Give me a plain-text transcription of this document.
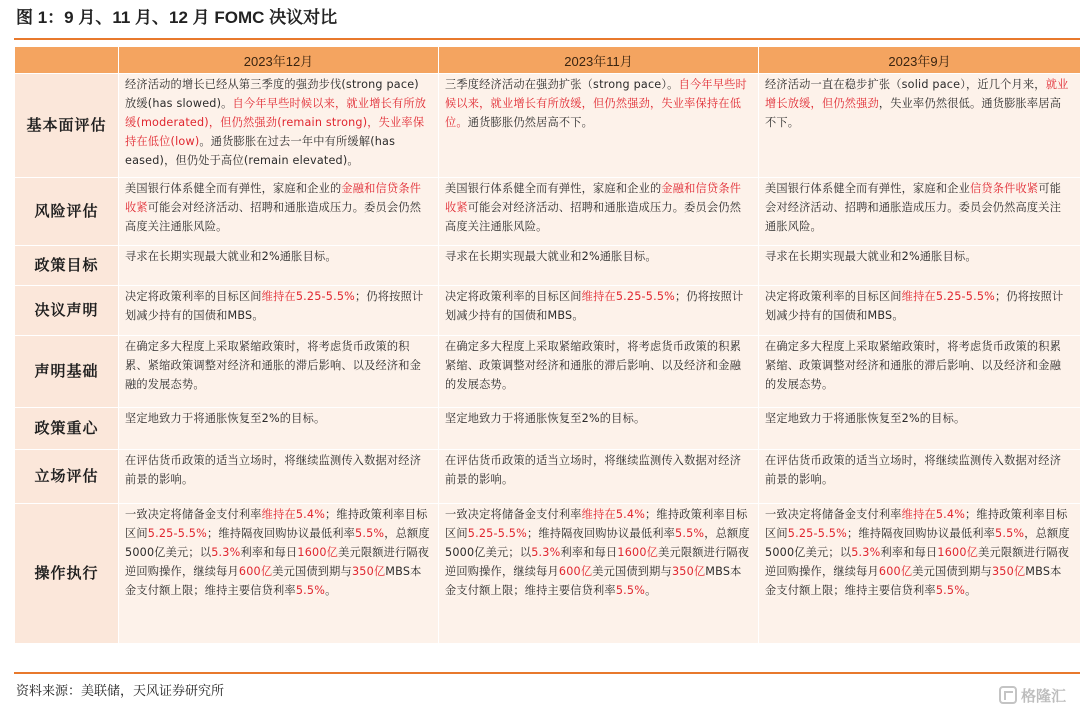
图 1：9 月、11 月、12 月 FOMC 决议对比
	2023年12月	2023年11月	2023年9月
基本面评估	经济活动的增长已经从第三季度的强劲步伐(strong pace)放缓(has slowed)。自今年早些时候以来，就业增长有所放缓(moderated)，但仍然强劲(remain strong)，失业率保持在低位(low)。通货膨胀在过去一年中有所缓解(has eased)，但仍处于高位(remain elevated)。	三季度经济活动在强劲扩张（strong pace）。自今年早些时候以来，就业增长有所放缓，但仍然强劲，失业率保持在低位。通货膨胀仍然居高不下。	经济活动一直在稳步扩张（solid pace），近几个月来，就业增长放缓，但仍然强劲，失业率仍然很低。通货膨胀率居高不下。
风险评估	美国银行体系健全而有弹性，家庭和企业的金融和信贷条件收紧可能会对经济活动、招聘和通胀造成压力。委员会仍然高度关注通胀风险。	美国银行体系健全而有弹性，家庭和企业的金融和信贷条件收紧可能会对经济活动、招聘和通胀造成压力。委员会仍然高度关注通胀风险。	美国银行体系健全而有弹性，家庭和企业信贷条件收紧可能会对经济活动、招聘和通胀造成压力。委员会仍然高度关注通胀风险。
政策目标	寻求在长期实现最大就业和2%通胀目标。	寻求在长期实现最大就业和2%通胀目标。	寻求在长期实现最大就业和2%通胀目标。
决议声明	决定将政策利率的目标区间维持在5.25-5.5%；仍将按照计划减少持有的国债和MBS。	决定将政策利率的目标区间维持在5.25-5.5%；仍将按照计划减少持有的国债和MBS。	决定将政策利率的目标区间维持在5.25-5.5%；仍将按照计划减少持有的国债和MBS。
声明基础	在确定多大程度上采取紧缩政策时，将考虑货币政策的积累、紧缩政策调整对经济和通胀的滞后影响、以及经济和金融的发展态势。	在确定多大程度上采取紧缩政策时，将考虑货币政策的积累紧缩、政策调整对经济和通胀的滞后影响、以及经济和金融的发展态势。	在确定多大程度上采取紧缩政策时，将考虑货币政策的积累紧缩、政策调整对经济和通胀的滞后影响、以及经济和金融的发展态势。
政策重心	坚定地致力于将通胀恢复至2%的目标。	坚定地致力于将通胀恢复至2%的目标。	坚定地致力于将通胀恢复至2%的目标。
立场评估	在评估货币政策的适当立场时，将继续监测传入数据对经济前景的影响。	在评估货币政策的适当立场时，将继续监测传入数据对经济前景的影响。	在评估货币政策的适当立场时，将继续监测传入数据对经济前景的影响。
操作执行	一致决定将储备金支付利率维持在5.4%；维持政策利率目标区间5.25-5.5%；维持隔夜回购协议最低利率5.5%，总额度5000亿美元；以5.3%利率和每日1600亿美元限额进行隔夜逆回购操作，继续每月600亿美元国债到期与350亿MBS本金支付额上限；维持主要信贷利率5.5%。	一致决定将储备金支付利率维持在5.4%；维持政策利率目标区间5.25-5.5%；维持隔夜回购协议最低利率5.5%，总额度5000亿美元；以5.3%利率和每日1600亿美元限额进行隔夜逆回购操作，继续每月600亿美元国债到期与350亿MBS本金支付额上限；维持主要信贷利率5.5%。	一致决定将储备金支付利率维持在5.4%；维持政策利率目标区间5.25-5.5%；维持隔夜回购协议最低利率5.5%，总额度5000亿美元；以5.3%利率和每日1600亿美元限额进行隔夜逆回购操作，继续每月600亿美元国债到期与350亿MBS本金支付额上限；维持主要信贷利率5.5%。
资料来源：美联储，天风证券研究所	格隆汇
